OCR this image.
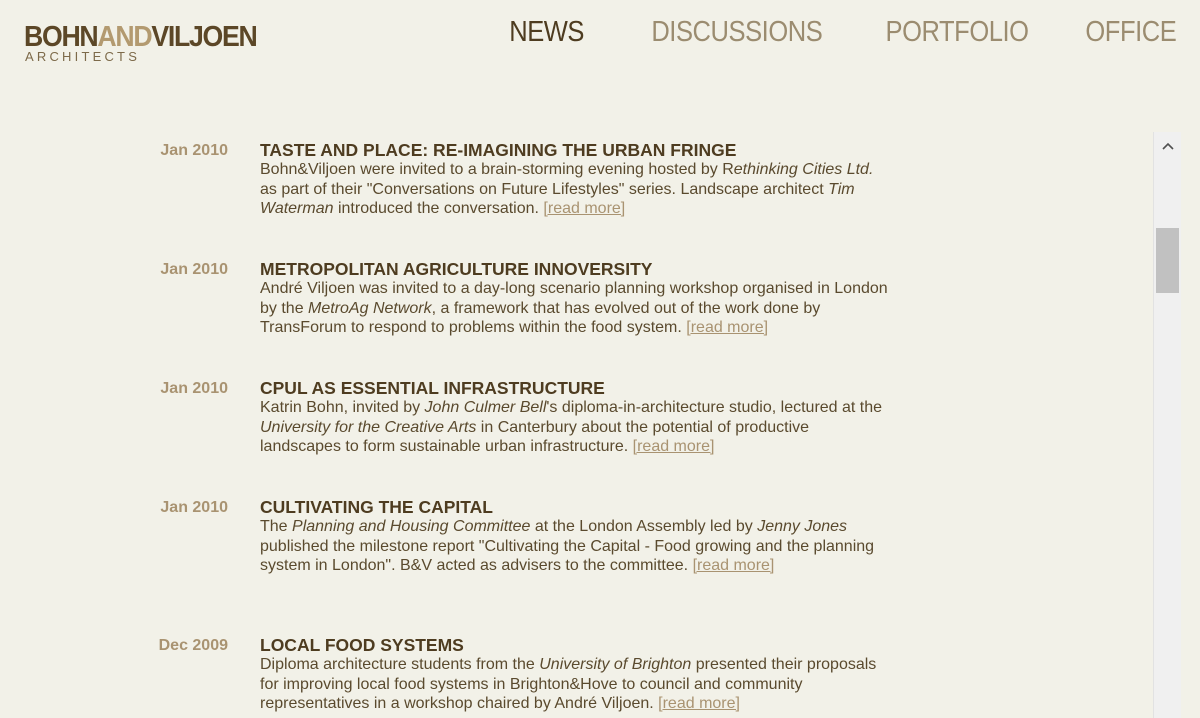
BOHNANDVILJOEN
ARCHITECTS
NEWS DISCUSSIONS PORTFOLIO OFFICE
Jan 2010 TASTE AND PLACE: RE-IMAGINING THE URBAN FRINGE

Bohn&Viljoen were invited to a brain-storming evening hosted by Rethinking Cities Ltd. as part of their "Conversations on Future Lifestyles" series. Landscape architect Tim Waterman introduced the conversation. [read more]

Jan 2010 METROPOLITAN AGRICULTURE INNOVERSITY

André Viljoen was invited to a day-long scenario planning workshop organised in London by the MetroAg Network, a framework that has evolved out of the work done by TransForum to respond to problems within the food system. [read more]

Jan 2010 CPUL AS ESSENTIAL INFRASTRUCTURE

Katrin Bohn, invited by John Culmer Bell's diploma-in-architecture studio, lectured at the University for the Creative Arts in Canterbury about the potential of productive landscapes to form sustainable urban infrastructure. [read more]

Jan 2010 CULTIVATING THE CAPITAL

The Planning and Housing Committee at the London Assembly led by Jenny Jones published the milestone report "Cultivating the Capital - Food growing and the planning system in London". B&V acted as advisers to the committee. [read more]

Dec 2009 LOCAL FOOD SYSTEMS

Diploma architecture students from the University of Brighton presented their proposals for improving local food systems in Brighton&Hove to council and community representatives in a workshop chaired by André Viljoen. [read more]
